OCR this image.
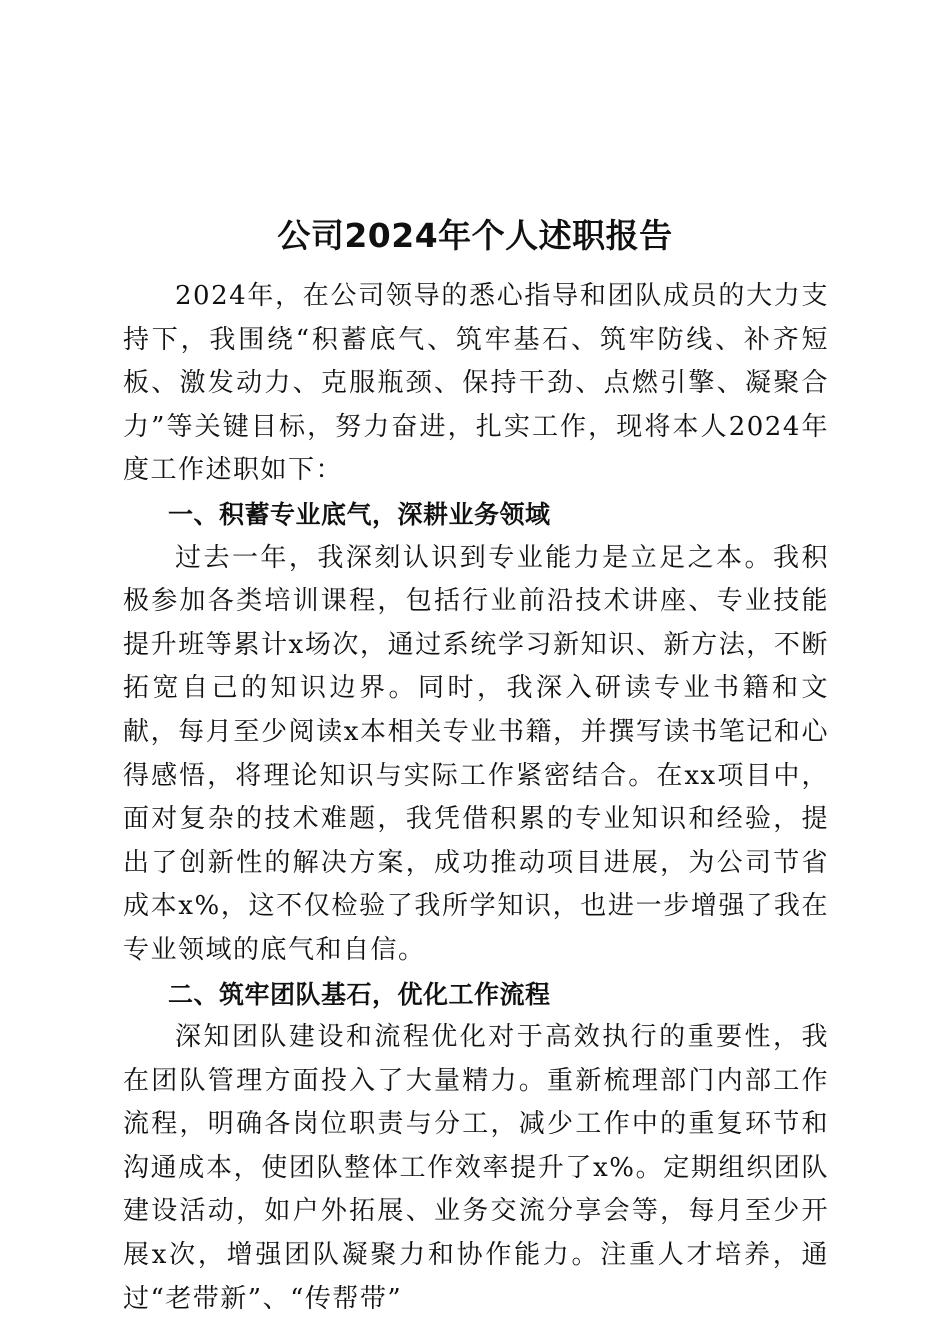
公司2024年个人述职报告

2024年，在公司领导的悉心指导和团队成员的大力支持下，我围绕“积蓄底气、筑牢基石、筑牢防线、补齐短板、激发动力、克服瓶颈、保持干劲、点燃引擎、凝聚合力”等关键目标，努力奋进，扎实工作，现将本人2024年度工作述职如下：

一、积蓄专业底气，深耕业务领域

过去一年，我深刻认识到专业能力是立足之本。我积极参加各类培训课程，包括行业前沿技术讲座、专业技能提升班等累计x场次，通过系统学习新知识、新方法，不断拓宽自己的知识边界。同时，我深入研读专业书籍和文献，每月至少阅读x本相关专业书籍，并撰写读书笔记和心得感悟，将理论知识与实际工作紧密结合。在xx项目中，面对复杂的技术难题，我凭借积累的专业知识和经验，提出了创新性的解决方案，成功推动项目进展，为公司节省成本x%，这不仅检验了我所学知识，也进一步增强了我在专业领域的底气和自信。

二、筑牢团队基石，优化工作流程

深知团队建设和流程优化对于高效执行的重要性，我在团队管理方面投入了大量精力。重新梳理部门内部工作流程，明确各岗位职责与分工，减少工作中的重复环节和沟通成本，使团队整体工作效率提升了x%。定期组织团队建设活动，如户外拓展、业务交流分享会等，每月至少开展x次，增强团队凝聚力和协作能力。注重人才培养，通过“老带新”、“传帮带”
